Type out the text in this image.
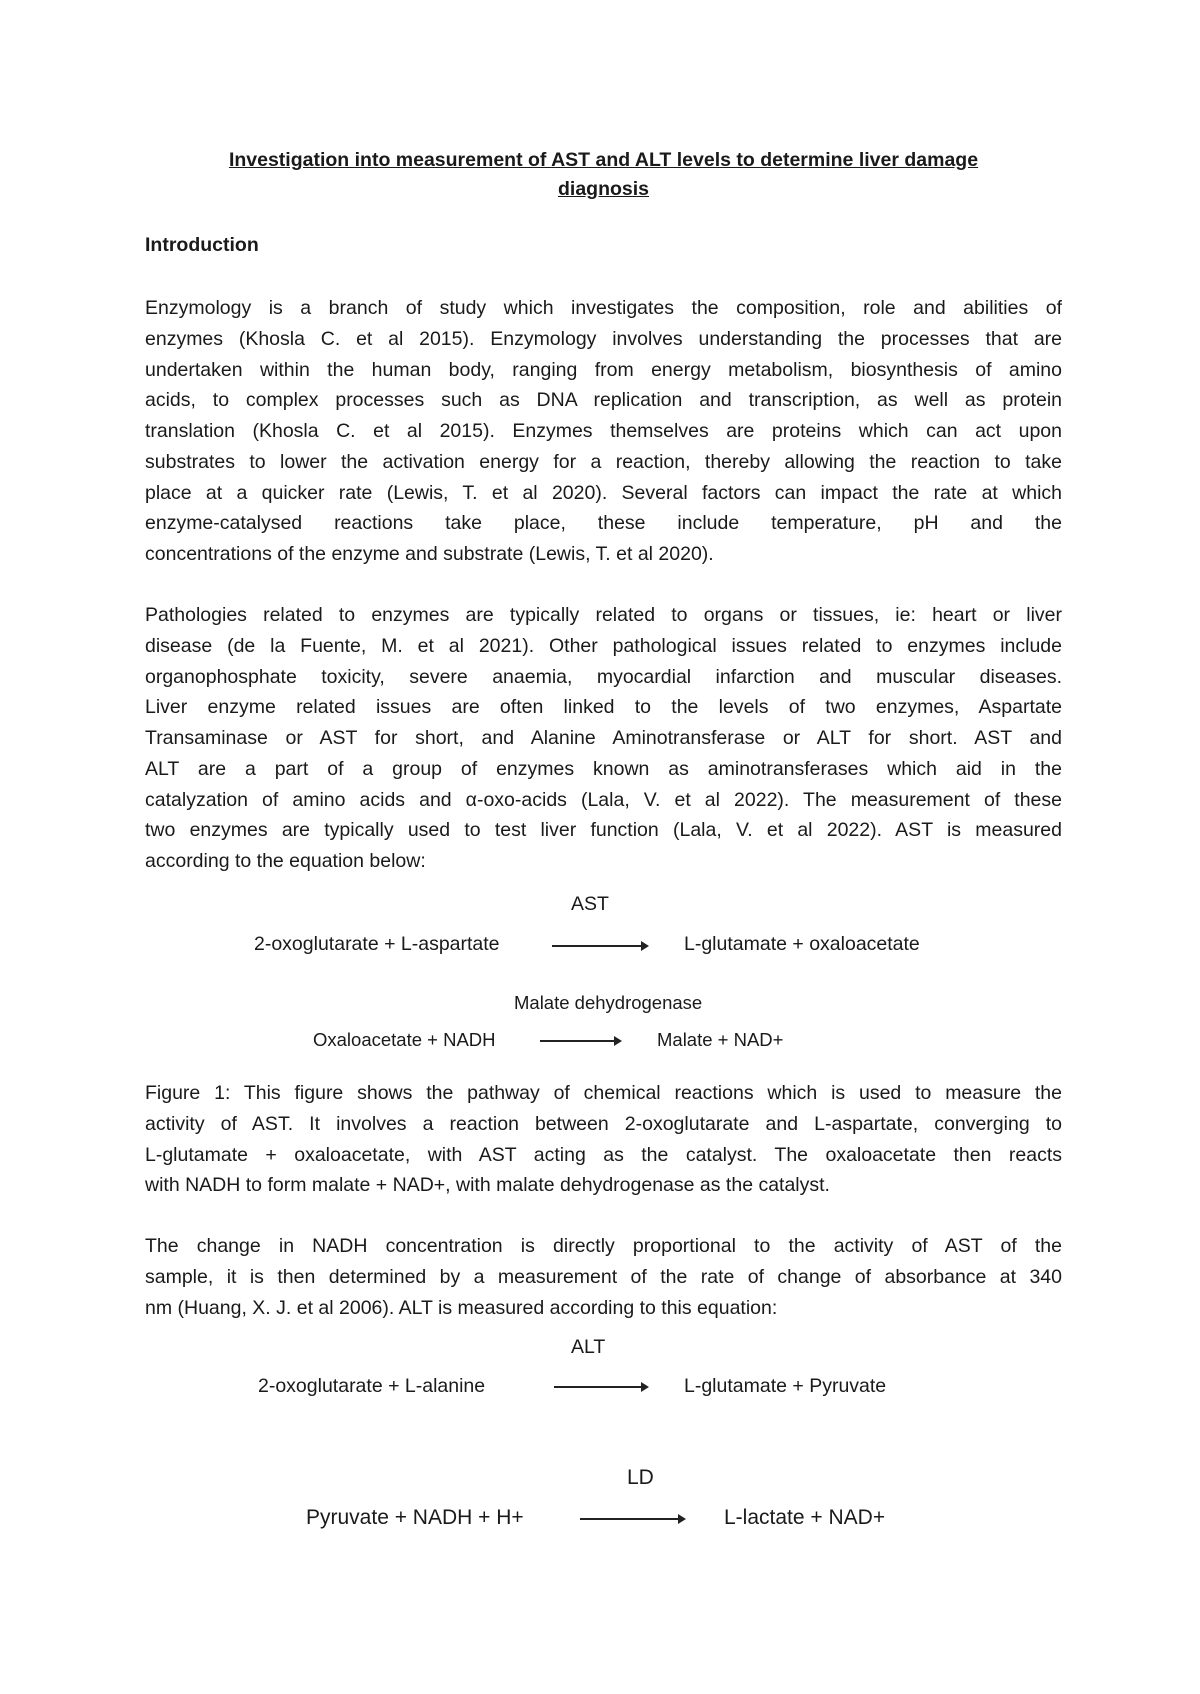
Investigation into measurement of AST and ALT levels to determine liver damage
diagnosis
Introduction
Enzymology is a branch of study which investigates the composition, role and abilities of
enzymes (Khosla C. et al 2015). Enzymology involves understanding the processes that are
undertaken within the human body, ranging from energy metabolism, biosynthesis of amino
acids, to complex processes such as DNA replication and transcription, as well as protein
translation (Khosla C. et al 2015). Enzymes themselves are proteins which can act upon
substrates to lower the activation energy for a reaction, thereby allowing the reaction to take
place at a quicker rate (Lewis, T. et al 2020). Several factors can impact the rate at which
enzyme-catalysed reactions take place, these include temperature, pH and the
concentrations of the enzyme and substrate (Lewis, T. et al 2020).
Pathologies related to enzymes are typically related to organs or tissues, ie: heart or liver
disease (de la Fuente, M. et al 2021). Other pathological issues related to enzymes include
organophosphate toxicity, severe anaemia, myocardial infarction and muscular diseases.
Liver enzyme related issues are often linked to the levels of two enzymes, Aspartate
Transaminase or AST for short, and Alanine Aminotransferase or ALT for short. AST and
ALT are a part of a group of enzymes known as aminotransferases which aid in the
catalyzation of amino acids and α-oxo-acids (Lala, V. et al 2022). The measurement of these
two enzymes are typically used to test liver function (Lala, V. et al 2022). AST is measured
according to the equation below:
AST
2-oxoglutarate + L-aspartate	L-glutamate + oxaloacetate
Malate dehydrogenase
Oxaloacetate + NADH	Malate + NAD+
Figure 1: This figure shows the pathway of chemical reactions which is used to measure the
activity of AST. It involves a reaction between 2-oxoglutarate and L-aspartate, converging to
L-glutamate + oxaloacetate, with AST acting as the catalyst. The oxaloacetate then reacts
with NADH to form malate + NAD+, with malate dehydrogenase as the catalyst.
The change in NADH concentration is directly proportional to the activity of AST of the
sample, it is then determined by a measurement of the rate of change of absorbance at 340
nm (Huang, X. J. et al 2006). ALT is measured according to this equation:
ALT
2-oxoglutarate + L-alanine	L-glutamate + Pyruvate
LD
Pyruvate + NADH + H+	L-lactate + NAD+
